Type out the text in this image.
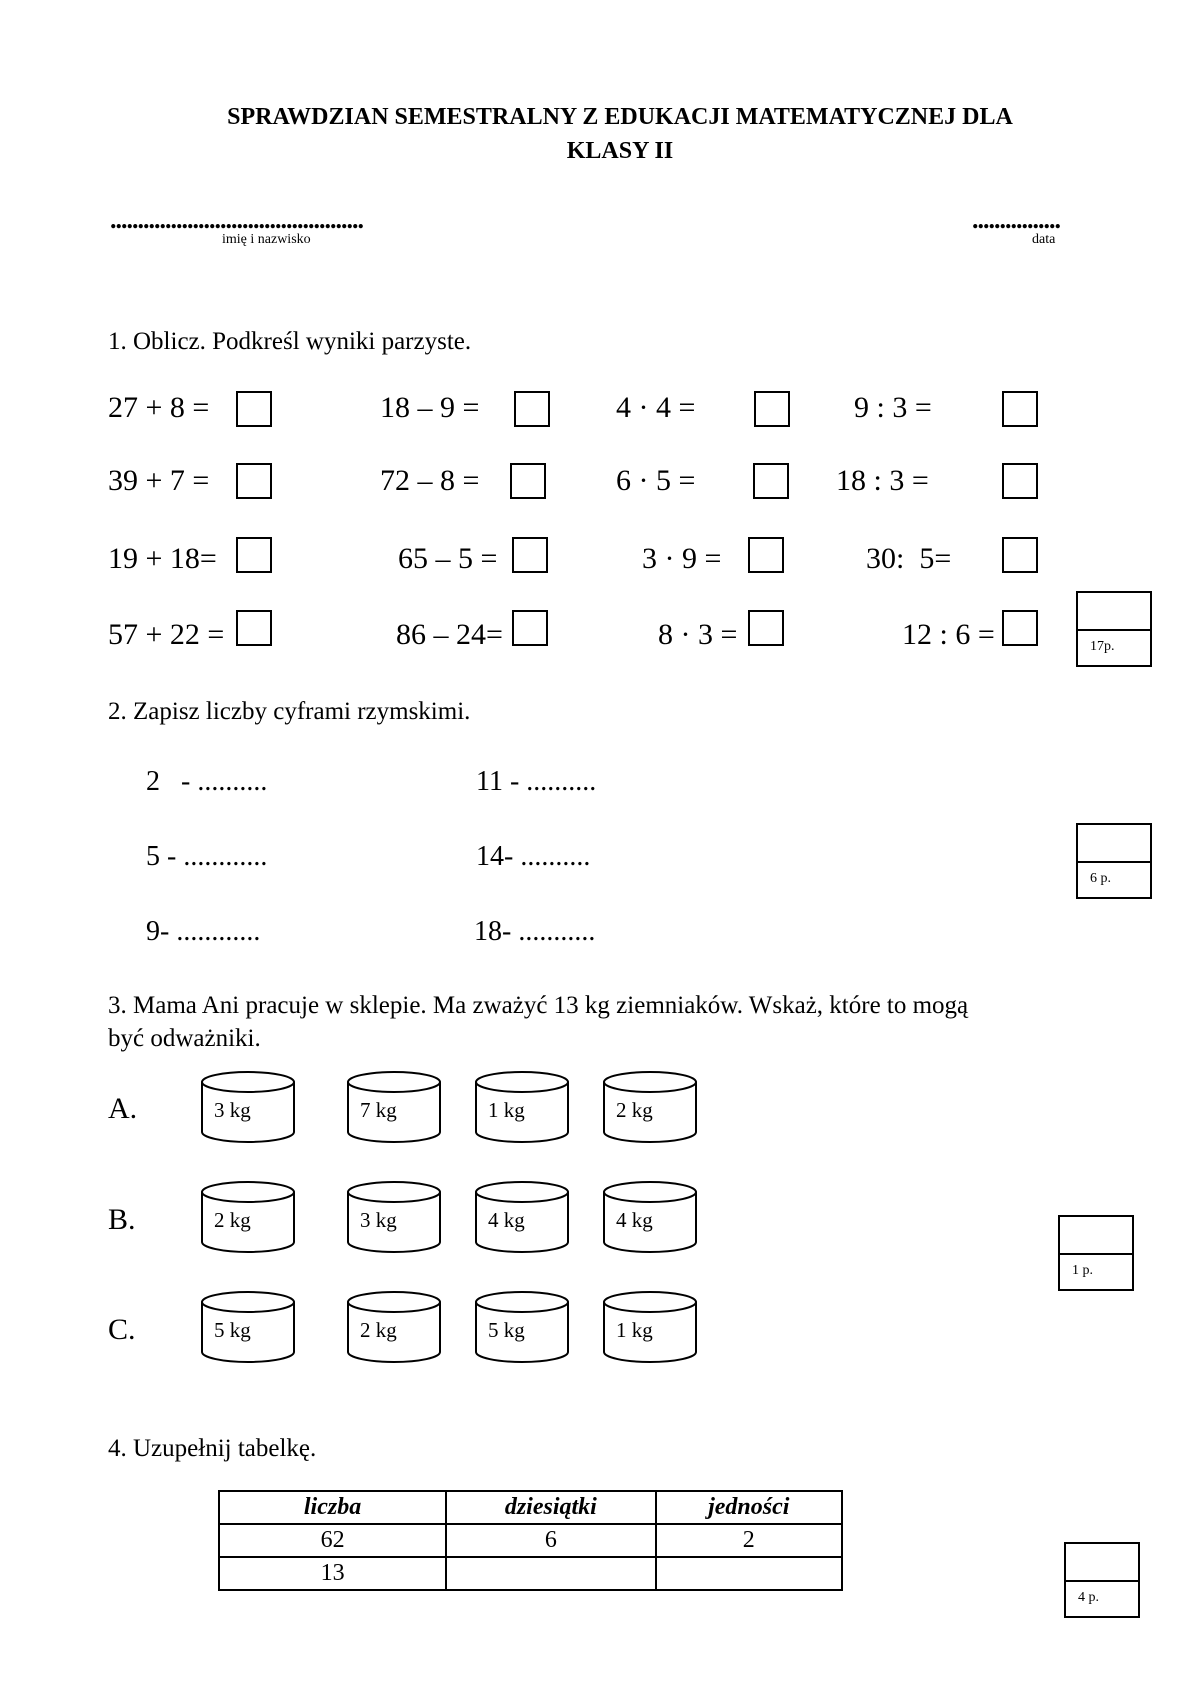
SPRAWDZIAN SEMESTRALNY Z EDUKACJI MATEMATYCZNEJ DLA
KLASY II
..............................................
imię i nazwisko
................
data
1. Oblicz. Podkreśl wyniki parzyste.
27 + 8 =	18 – 9 =	4 · 4 =	9 : 3 =
39 + 7 =	72 – 8 =	6 · 5 =	18 : 3 =
19 + 18=	65 – 5 =	3 · 9 =	30:  5=
57 + 22 =	86 – 24=	8 · 3 =	12 : 6 =	17p.
2. Zapisz liczby cyframi rzymskimi.
2   - ..........	11 - ..........
5 - ............	14- ..........
9- ............	18- ...........
6 p.
3. Mama Ani pracuje w sklepie. Ma zważyć 13 kg ziemniaków. Wskaż, które to mogą
być odważniki.
A.	3 kg	7 kg	1 kg	2 kg
B.	2 kg	3 kg	4 kg	4 kg
C.	5 kg	2 kg	5 kg	1 kg
1 p.
4. Uzupełnij tabelkę.
liczba	dziesiątki	jedności
62	6	2
13		
4 p.
